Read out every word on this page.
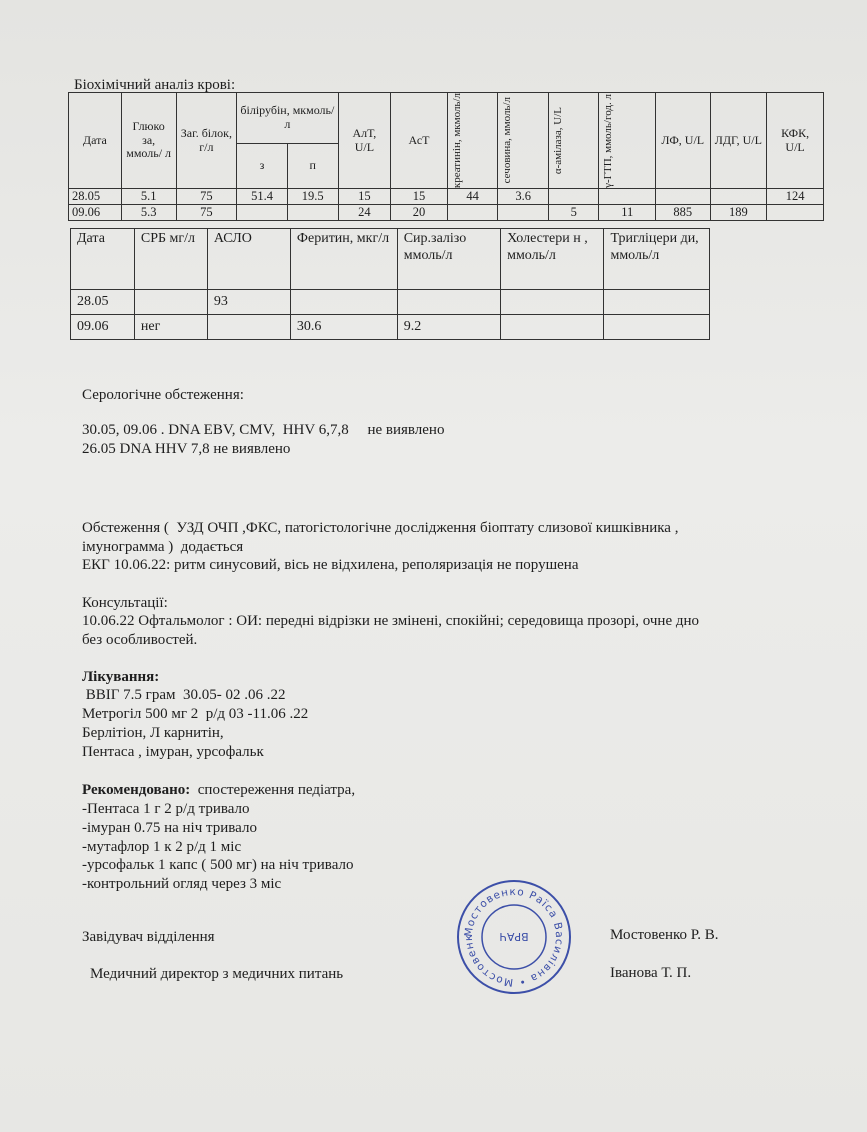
Біохімічний аналіз крові:
Дата	Глюко за, ммоль/ л	Заг. білок, г/л	білірубін, мкмоль/л		АлТ, U/L	АсТ	креатинін, мкмоль/л	сечовина, ммоль/л	α-амілаза, U/L	γ-ГТП, ммоль/год. л	ЛФ, U/L	ЛДГ, U/L	КФК, U/L
			з	п									
28.05	5.1	75	51.4	19.5	15	15	44	3.6					124
09.06	5.3	75			24	20			5	11	885	189	
Дата	СРБ мг/л	АСЛО	Феритин, мкг/л	Сир.залізо ммоль/л	Холестери н , ммоль/л	Тригліцери ди, ммоль/л
28.05		93				
09.06	нег		30.6	9.2		
Серологічне обстеження:
30.05, 09.06 . DNA EBV, CMV,  HHV 6,7,8     не виявлено
26.05 DNA HHV 7,8 не виявлено
Обстеження (  УЗД ОЧП ,ФКС, патогістологічне дослідження біоптату слизової кишківника ,
імунограмма )  додається
ЕКГ 10.06.22: ритм синусовий, вісь не відхилена, реполяризація не порушена
Консультації:
10.06.22 Офтальмолог : ОИ: передні відрізки не змінені, спокійні; середовища прозорі, очне дно
без особливостей.
Лікування:
ВВІГ 7.5 грам  30.05- 02 .06 .22
Метрогіл 500 мг 2  р/д 03 -11.06 .22
Берлітіон, Л карнитін,
Пентаса , імуран, урсофальк
Рекомендовано:  спостереження педіатра,
-Пентаса 1 г 2 р/д тривало
-імуран 0.75 на ніч тривало
-мутафлор 1 к 2 р/д 1 міс
-урсофальк 1 капс ( 500 мг) на ніч тривало
-контрольний огляд через 3 міс
Завідувач відділення	Мостовенко Р. В.
Медичний директор з медичних питань	Іванова Т. П.
Мостовенко Раїса Василівна • Мостовенк	ВРАЧ
